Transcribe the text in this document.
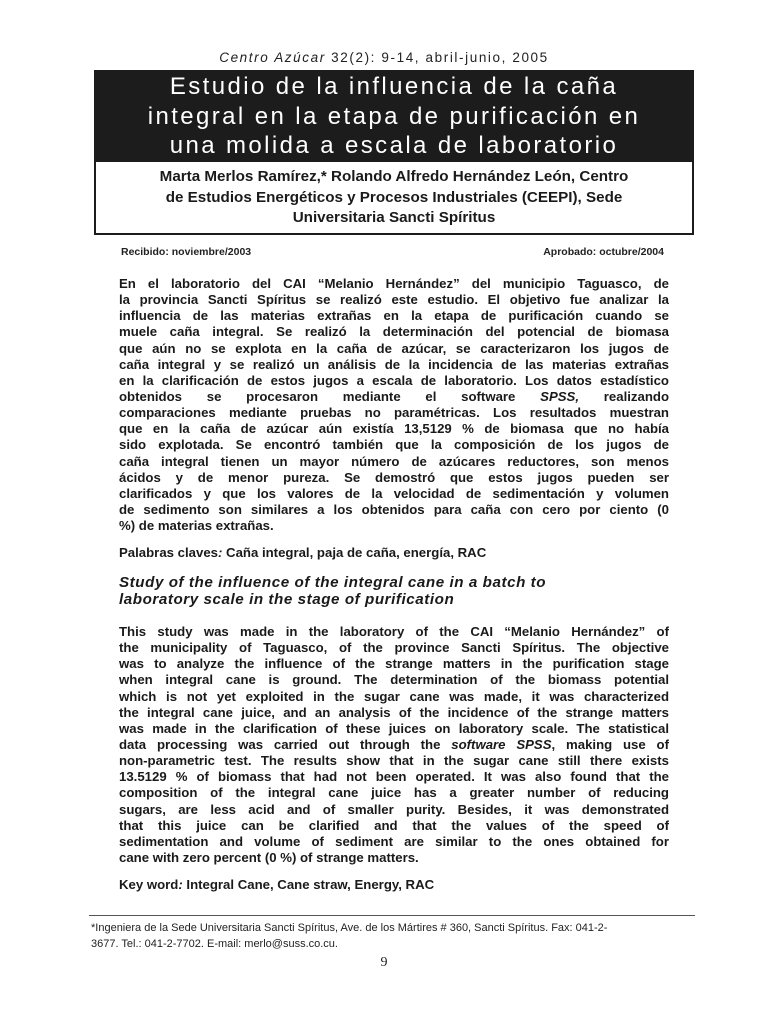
Centro Azúcar 32(2): 9-14, abril-junio, 2005
Estudio de la influencia de la caña
integral en la etapa de purificación en
una molida a escala de laboratorio
Marta Merlos Ramírez,* Rolando Alfredo Hernández León, Centro
de Estudios Energéticos y Procesos Industriales (CEEPI), Sede
Universitaria Sancti Spíritus
Recibido: noviembre/2003	Aprobado: octubre/2004
En el laboratorio del CAI “Melanio Hernández” del municipio Taguasco, de
la provincia Sancti Spíritus se realizó este estudio. El objetivo fue analizar la
influencia de las materias extrañas en la etapa de purificación cuando se
muele caña integral. Se realizó la determinación del potencial de biomasa
que aún no se explota en la caña de azúcar, se caracterizaron los jugos de
caña integral y se realizó un análisis de la incidencia de las materias extrañas
en la clarificación de estos jugos a escala de laboratorio. Los datos estadístico
obtenidos se procesaron mediante el software SPSS, realizando
comparaciones mediante pruebas no paramétricas. Los resultados muestran
que en la caña de azúcar aún existía 13,5129 % de biomasa que no había
sido explotada. Se encontró también que la composición de los jugos de
caña integral tienen un mayor número de azúcares reductores, son menos
ácidos y de menor pureza. Se demostró que estos jugos pueden ser
clarificados y que los valores de la velocidad de sedimentación y volumen
de sedimento son similares a los obtenidos para caña con cero por ciento (0
%) de materias extrañas.
Palabras claves: Caña integral, paja de caña, energía, RAC
Study of the influence of the integral cane in a batch to
laboratory scale in the stage of purification
This study was made in the laboratory of the CAI “Melanio Hernández” of
the municipality of Taguasco, of the province Sancti Spíritus. The objective
was to analyze the influence of the strange matters in the purification stage
when integral cane is ground. The determination of the biomass potential
which is not yet exploited in the sugar cane was made, it was characterized
the integral cane juice, and an analysis of the incidence of the strange matters
was made in the clarification of these juices on laboratory scale. The statistical
data processing was carried out through the software SPSS, making use of
non-parametric test. The results show that in the sugar cane still there exists
13.5129 % of biomass that had not been operated. It was also found that the
composition of the integral cane juice has a greater number of reducing
sugars, are less acid and of smaller purity. Besides, it was demonstrated
that this juice can be clarified and that the values of the speed of
sedimentation and volume of sediment are similar to the ones obtained for
cane with zero percent (0 %) of strange matters.
Key word: Integral Cane, Cane straw, Energy, RAC
*Ingeniera de la Sede Universitaria Sancti Spíritus, Ave. de los Mártires # 360, Sancti Spíritus. Fax: 041-2-
3677. Tel.: 041-2-7702. E-mail: merlo@suss.co.cu.
9
